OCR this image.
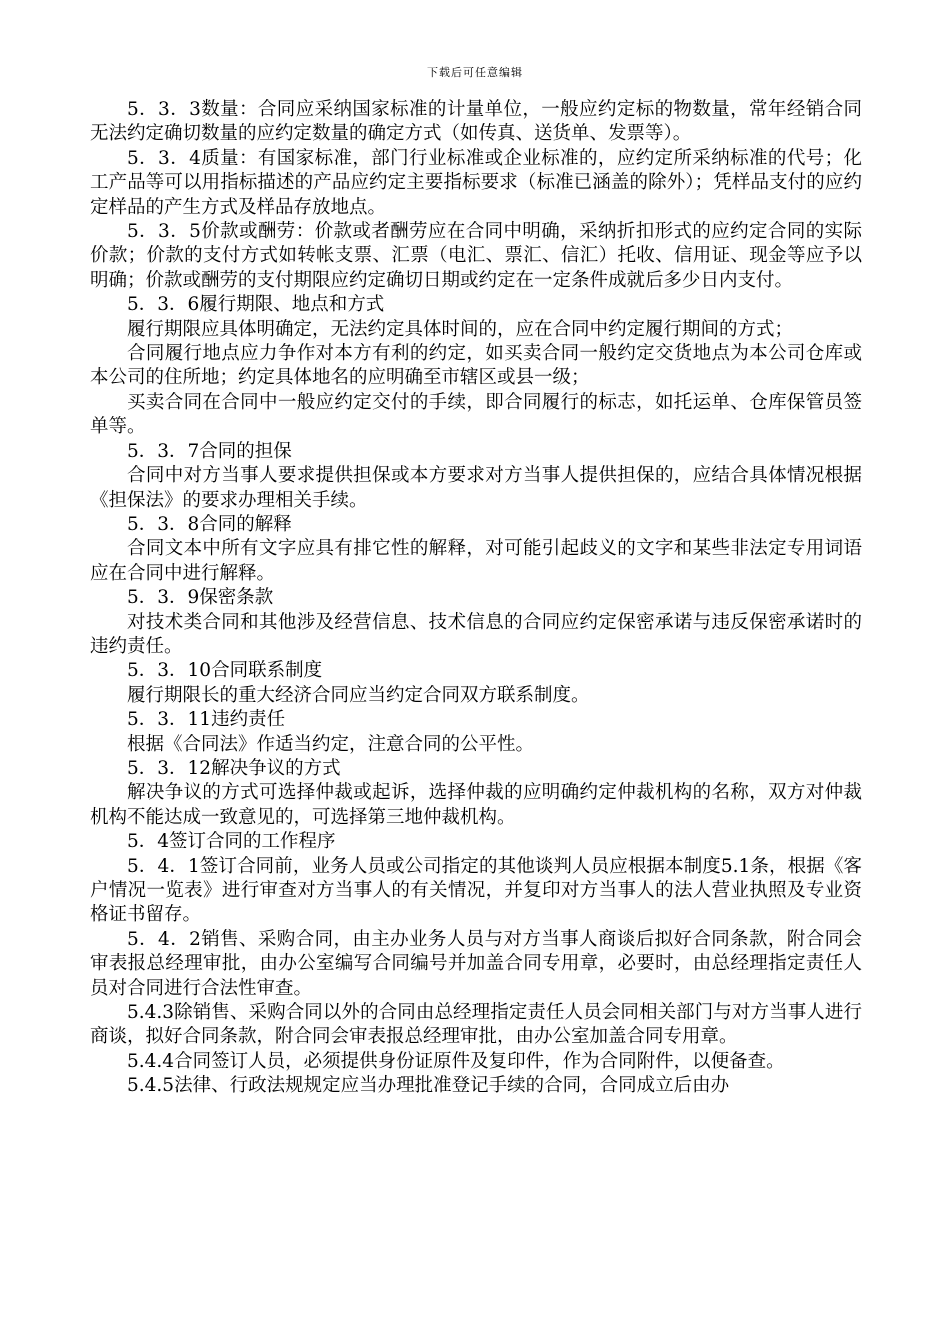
下载后可任意编辑

5．3．3数量：合同应采纳国家标准的计量单位，一般应约定标的物数量，常年经销合同无法约定确切数量的应约定数量的确定方式（如传真、送货单、发票等）。

5．3．4质量：有国家标准，部门行业标准或企业标准的，应约定所采纳标准的代号；化工产品等可以用指标描述的产品应约定主要指标要求（标准已涵盖的除外）；凭样品支付的应约定样品的产生方式及样品存放地点。

5．3．5价款或酬劳：价款或者酬劳应在合同中明确，采纳折扣形式的应约定合同的实际价款；价款的支付方式如转帐支票、汇票（电汇、票汇、信汇）托收、信用证、现金等应予以明确；价款或酬劳的支付期限应约定确切日期或约定在一定条件成就后多少日内支付。

5．3．6履行期限、地点和方式

履行期限应具体明确定，无法约定具体时间的，应在合同中约定履行期间的方式；

合同履行地点应力争作对本方有利的约定，如买卖合同一般约定交货地点为本公司仓库或本公司的住所地；约定具体地名的应明确至市辖区或县一级；

买卖合同在合同中一般应约定交付的手续，即合同履行的标志，如托运单、仓库保管员签单等。

5．3．7合同的担保

合同中对方当事人要求提供担保或本方要求对方当事人提供担保的，应结合具体情况根据《担保法》的要求办理相关手续。

5．3．8合同的解释

合同文本中所有文字应具有排它性的解释，对可能引起歧义的文字和某些非法定专用词语应在合同中进行解释。

5．3．9保密条款

对技术类合同和其他涉及经营信息、技术信息的合同应约定保密承诺与违反保密承诺时的违约责任。

5．3．10合同联系制度

履行期限长的重大经济合同应当约定合同双方联系制度。

5．3．11违约责任

根据《合同法》作适当约定，注意合同的公平性。

5．3．12解决争议的方式

解决争议的方式可选择仲裁或起诉，选择仲裁的应明确约定仲裁机构的名称，双方对仲裁机构不能达成一致意见的，可选择第三地仲裁机构。

5．4签订合同的工作程序

5．4．1签订合同前，业务人员或公司指定的其他谈判人员应根据本制度5.1条，根据《客户情况一览表》进行审查对方当事人的有关情况，并复印对方当事人的法人营业执照及专业资格证书留存。

5．4．2销售、采购合同，由主办业务人员与对方当事人商谈后拟好合同条款，附合同会审表报总经理审批，由办公室编写合同编号并加盖合同专用章，必要时，由总经理指定责任人员对合同进行合法性审查。

5.4.3除销售、采购合同以外的合同由总经理指定责任人员会同相关部门与对方当事人进行商谈，拟好合同条款，附合同会审表报总经理审批，由办公室加盖合同专用章。

5.4.4合同签订人员，必须提供身份证原件及复印件，作为合同附件，以便备查。

5.4.5法律、行政法规规定应当办理批准登记手续的合同，合同成立后由办
